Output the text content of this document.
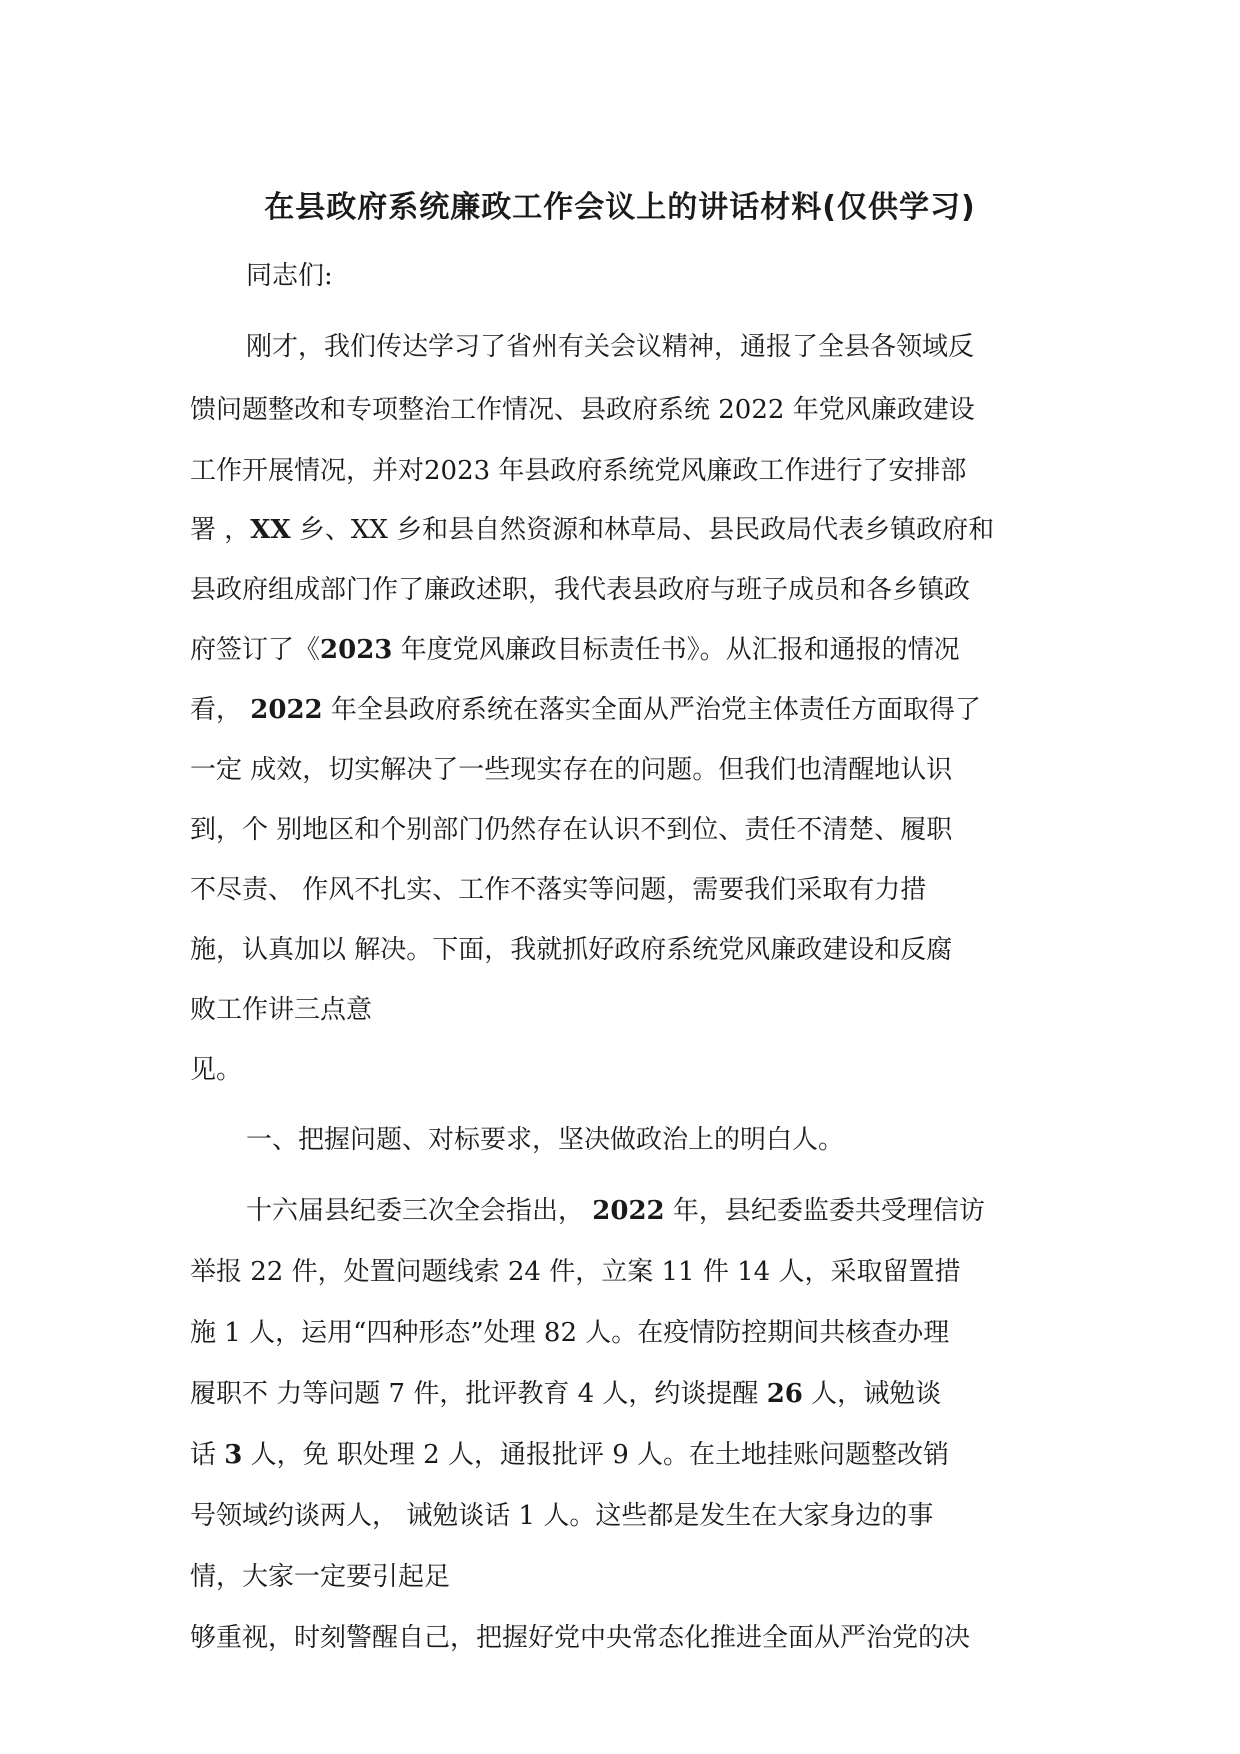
在县政府系统廉政工作会议上的讲话材料(仅供学习)

同志们:

刚才，我们传达学习了省州有关会议精神，通报了全县各领域反

馈问题整改和专项整治工作情况、县政府系统 2022 年党风廉政建设

工作开展情况，并对2023 年县政府系统党风廉政工作进行了安排部

署 ，XX 乡、XX 乡和县自然资源和林草局、县民政局代表乡镇政府和

县政府组成部门作了廉政述职，我代表县政府与班子成员和各乡镇政

府签订了《2023 年度党风廉政目标责任书》。从汇报和通报的情况

看， 2022 年全县政府系统在落实全面从严治党主体责任方面取得了

一定 成效，切实解决了一些现实存在的问题。但我们也清醒地认识

到，个 别地区和个别部门仍然存在认识不到位、责任不清楚、履职

不尽责、 作风不扎实、工作不落实等问题，需要我们采取有力措

施，认真加以 解决。下面，我就抓好政府系统党风廉政建设和反腐

败工作讲三点意

见。

一、把握问题、对标要求，坚决做政治上的明白人。

十六届县纪委三次全会指出， 2022 年，县纪委监委共受理信访

举报 22 件，处置问题线索 24 件，立案 11 件 14 人，采取留置措

施 1 人，运用“四种形态”处理 82 人。在疫情防控期间共核查办理

履职不 力等问题 7 件，批评教育 4 人，约谈提醒 26 人，诫勉谈

话 3 人，免 职处理 2 人，通报批评 9 人。在土地挂账问题整改销

号领域约谈两人， 诫勉谈话 1 人。这些都是发生在大家身边的事

情，大家一定要引起足

够重视，时刻警醒自己，把握好党中央常态化推进全面从严治党的决
